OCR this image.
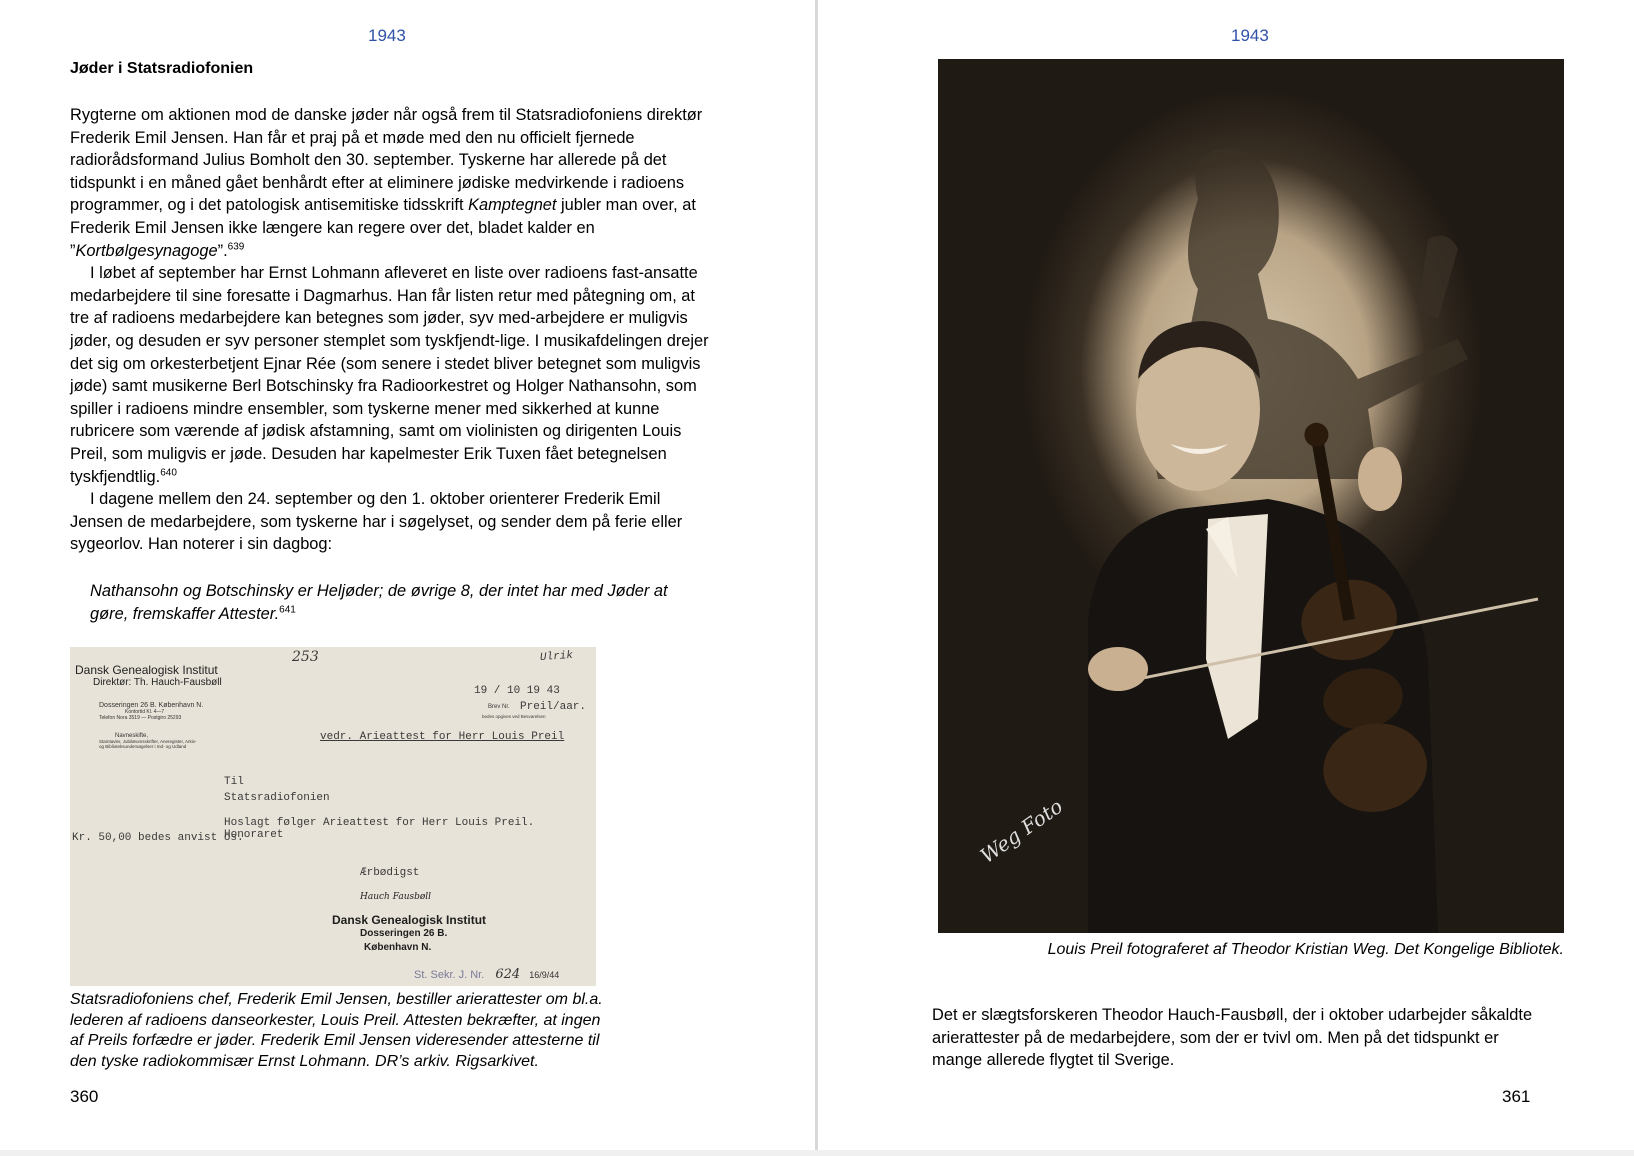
1943
Jøder i Statsradiofonien

Rygterne om aktionen mod de danske jøder når også frem til Statsradiofoniens direktør Frederik Emil Jensen. Han får et praj på et møde med den nu officielt fjernede radiorådsformand Julius Bomholt den 30. september. Tyskerne har allerede på det tidspunkt i en måned gået benhårdt efter at eliminere jødiske medvirkende i radioens programmer, og i det patologisk antisemitiske tidsskrift Kamptegnet jubler man over, at Frederik Emil Jensen ikke længere kan regere over det, bladet kalder en ”Kortbølgesynagoge”.$^{639}$

I løbet af september har Ernst Lohmann afleveret en liste over radioens fast-ansatte medarbejdere til sine foresatte i Dagmarhus. Han får listen retur med påtegning om, at tre af radioens medarbejdere kan betegnes som jøder, syv med-arbejdere er muligvis jøder, og desuden er syv personer stemplet som tyskfjendt-lige. I musikafdelingen drejer det sig om orkesterbetjent Ejnar Rée (som senere i stedet bliver betegnet som muligvis jøde) samt musikerne Berl Botschinsky fra Radioorkestret og Holger Nathansohn, som spiller i radioens mindre ensembler, som tyskerne mener med sikkerhed at kunne rubricere som værende af jødisk afstamning, samt om violinisten og dirigenten Louis Preil, som muligvis er jøde. Desuden har kapelmester Erik Tuxen fået betegnelsen tyskfjendtlig.$^{640}$

I dagene mellem den 24. september og den 1. oktober orienterer Frederik Emil Jensen de medarbejdere, som tyskerne har i søgelyset, og sender dem på ferie eller sygeorlov. Han noterer i sin dagbog:

Nathansohn og Botschinsky er Heljøder; de øvrige 8, der intet har med Jøder at gøre, fremskaffer Attester.$^{641}$
Dansk Genealogisk Institut
Direktør: Th. Hauch-Fausbøll
Dosseringen 26 B. København N.
Kontortid Kl. 4—7
Telefon Nora 3519 — Postgiro 25293
Navneskifte,
Stamtavler, Jubilæumsskrifter, Aneregister, Arkiv-
og Biblioteksundersøgelser i Ind- og Udland
253	Ulrik
19 / 10 19 43
Brev Nr. Preil/aar.
bedes opgives ved Besvarelsen
vedr. Arieattest for Herr Louis Preil
Til
Statsradiofonien
Hoslagt følger Arieattest for Herr Louis Preil. Honoraret
Kr. 50,00 bedes anvist os.
Ærbødigst
Hauch Fausbøll
Dansk Genealogisk Institut
Dosseringen 26 B.
København N.
St. Sekr. J. Nr. 624 16/9/44
Statsradiofoniens chef, Frederik Emil Jensen, bestiller arierattester om bl.a.
lederen af radioens danseorkester, Louis Preil. Attesten bekræfter, at ingen
af Preils forfædre er jøder. Frederik Emil Jensen videresender attesterne til
den tyske radiokommisær Ernst Lohmann. DR’s arkiv. Rigsarkivet.
360
1943
Weg Foto
Louis Preil fotograferet af Theodor Kristian Weg. Det Kongelige Bibliotek.
Det er slægtsforskeren Theodor Hauch-Fausbøll, der i oktober udarbejder såkaldte
arierattester på de medarbejdere, som der er tvivl om. Men på det tidspunkt er
mange allerede flygtet til Sverige.
361
